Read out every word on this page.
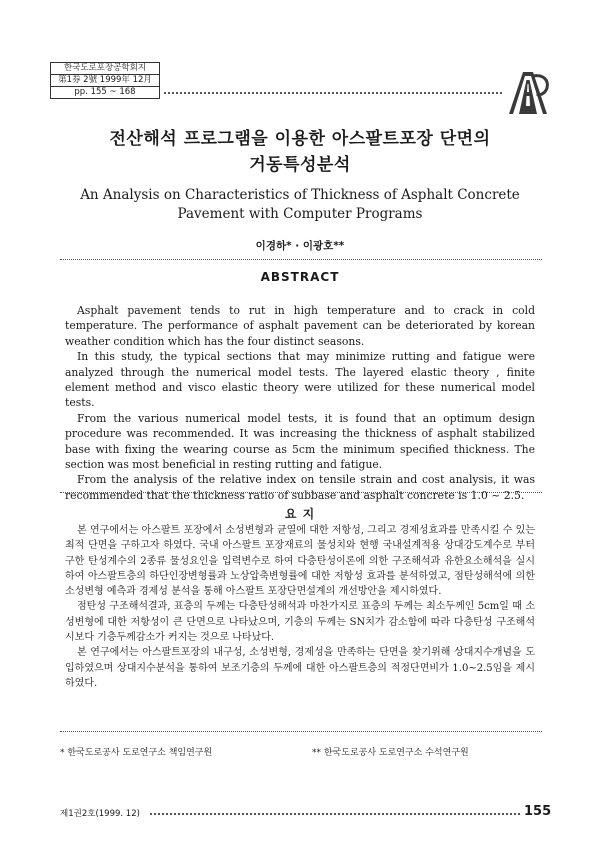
한국도로포장공학회지
第1券 2號 1999年 12月
pp. 155 ~ 168
전산해석 프로그램을 이용한 아스팔트포장 단면의
거동특성분석
An Analysis on Characteristics of Thickness of Asphalt Concrete
Pavement with Computer Programs
이경하* · 이광호**
ABSTRACT

Asphalt pavement tends to rut in high temperature and to crack in cold temperature. The performance of asphalt pavement can be deteriorated by korean weather condition which has the four distinct seasons.

In this study, the typical sections that may minimize rutting and fatigue were analyzed through the numerical model tests. The layered elastic theory , finite element method and visco elastic theory were utilized for these numerical model tests.

From the various numerical model tests, it is found that an optimum design procedure was recommended. It was increasing the thickness of asphalt stabilized base with fixing the wearing course as 5cm the minimum specified thickness. The section was most beneficial in resting rutting and fatigue.

From the analysis of the relative index on tensile strain and cost analysis, it was recommended that the thickness ratio of subbase and asphalt concrete is 1.0 ~ 2.5.

요 지

본 연구에서는 아스팔트 포장에서 소성변형과 균열에 대한 저항성, 그리고 경제성효과를 만족시킬 수 있는 최적 단면을 구하고자 하였다. 국내 아스팔트 포장재료의 물성치와 현행 국내설계적용 상대강도계수로 부터 구한 탄성계수의 2종류 물성요인을 입력변수로 하여 다층탄성이론에 의한 구조해석과 유한요소해석을 실시하여 아스팔트층의 하단인장변형률과 노상압축변형률에 대한 저항성 효과를 분석하였고, 점탄성해석에 의한 소성변형 예측과 경제성 분석을 통해 아스팔트 포장단면설계의 개선방안을 제시하였다.

점탄성 구조해석결과, 표층의 두께는 다층탄성해석과 마찬가지로 표층의 두께는 최소두께인 5cm일 때 소성변형에 대한 저항성이 큰 단면으로 나타났으며, 기층의 두께는 SN치가 감소함에 따라 다층탄성 구조해석시보다 기층두께감소가 커지는 것으로 나타났다.

본 연구에서는 아스팔트포장의 내구성, 소성변형, 경제성을 만족하는 단면을 찾기위해 상대지수개념을 도입하였으며 상대지수분석을 통하여 보조기층의 두께에 대한 아스팔트층의 적정단면비가 1.0~2.5임을 제시하였다.

* 한국도로공사 도로연구소 책임연구원	** 한국도로공사 도로연구소 수석연구원
제1권2호(1999. 12)	155
